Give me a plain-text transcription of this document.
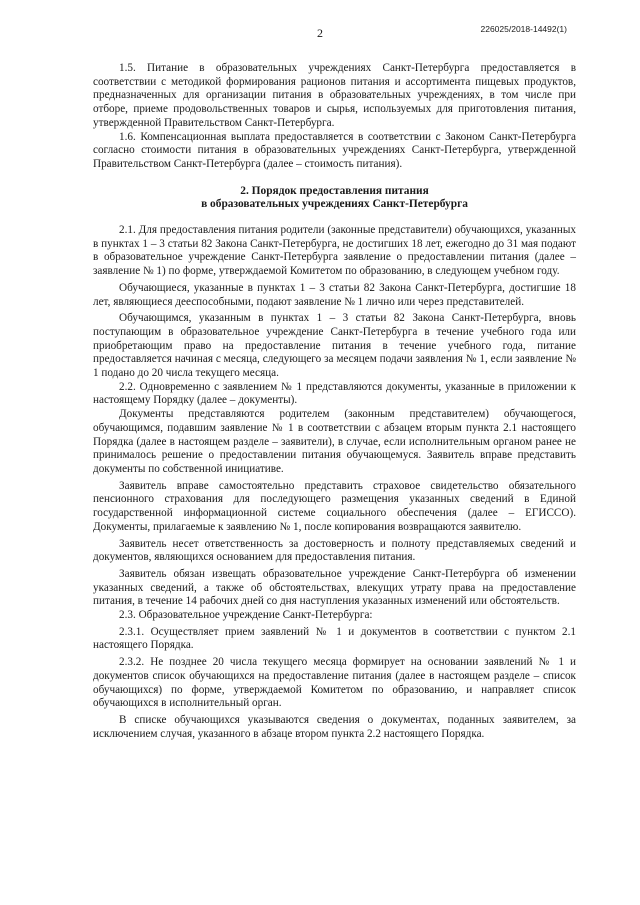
2	226025/2018-14492(1)

1.5. Питание в образовательных учреждениях Санкт-Петербурга предоставляется в соответствии с методикой формирования рационов питания и ассортимента пищевых продуктов, предназначенных для организации питания в образовательных учреждениях, в том числе при отборе, приеме продовольственных товаров и сырья, используемых для приготовления питания, утвержденной Правительством Санкт-Петербурга.

1.6. Компенсационная выплата предоставляется в соответствии с Законом Санкт-Петербурга согласно стоимости питания в образовательных учреждениях Санкт-Петербурга, утвержденной Правительством Санкт-Петербурга (далее – стоимость питания).

2. Порядок предоставления питания
в образовательных учреждениях Санкт-Петербурга

2.1. Для предоставления питания родители (законные представители) обучающихся, указанных в пунктах 1 – 3 статьи 82 Закона Санкт-Петербурга, не достигших 18 лет, ежегодно до 31 мая подают в образовательное учреждение Санкт-Петербурга заявление о предоставлении питания (далее – заявление № 1) по форме, утверждаемой Комитетом по образованию, в следующем учебном году.

Обучающиеся, указанные в пунктах 1 – 3 статьи 82 Закона Санкт-Петербурга, достигшие 18 лет, являющиеся дееспособными, подают заявление № 1 лично или через представителей.

Обучающимся, указанным в пунктах 1 – 3 статьи 82 Закона Санкт-Петербурга, вновь поступающим в образовательное учреждение Санкт-Петербурга в течение учебного года или приобретающим право на предоставление питания в течение учебного года, питание предоставляется начиная с месяца, следующего за месяцем подачи заявления № 1, если заявление № 1 подано до 20 числа текущего месяца.

2.2. Одновременно с заявлением № 1 представляются документы, указанные в приложении к настоящему Порядку (далее – документы).

Документы представляются родителем (законным представителем) обучающегося, обучающимся, подавшим заявление № 1 в соответствии с абзацем вторым пункта 2.1 настоящего Порядка (далее в настоящем разделе – заявители), в случае, если исполнительным органом ранее не принималось решение о предоставлении питания обучающемуся. Заявитель вправе представить документы по собственной инициативе.

Заявитель вправе самостоятельно представить страховое свидетельство обязательного пенсионного страхования для последующего размещения указанных сведений в Единой государственной информационной системе социального обеспечения (далее – ЕГИССО). Документы, прилагаемые к заявлению № 1, после копирования возвращаются заявителю.

Заявитель несет ответственность за достоверность и полноту представляемых сведений и документов, являющихся основанием для предоставления питания.

Заявитель обязан извещать образовательное учреждение Санкт-Петербурга об изменении указанных сведений, а также об обстоятельствах, влекущих утрату права на предоставление питания, в течение 14 рабочих дней со дня наступления указанных изменений или обстоятельств.

2.3. Образовательное учреждение Санкт-Петербурга:

2.3.1. Осуществляет прием заявлений № 1 и документов в соответствии с пунктом 2.1 настоящего Порядка.

2.3.2. Не позднее 20 числа текущего месяца формирует на основании заявлений № 1 и документов список обучающихся на предоставление питания (далее в настоящем разделе – список обучающихся) по форме, утверждаемой Комитетом по образованию, и направляет список обучающихся в исполнительный орган.

В списке обучающихся указываются сведения о документах, поданных заявителем, за исключением случая, указанного в абзаце втором пункта 2.2 настоящего Порядка.
